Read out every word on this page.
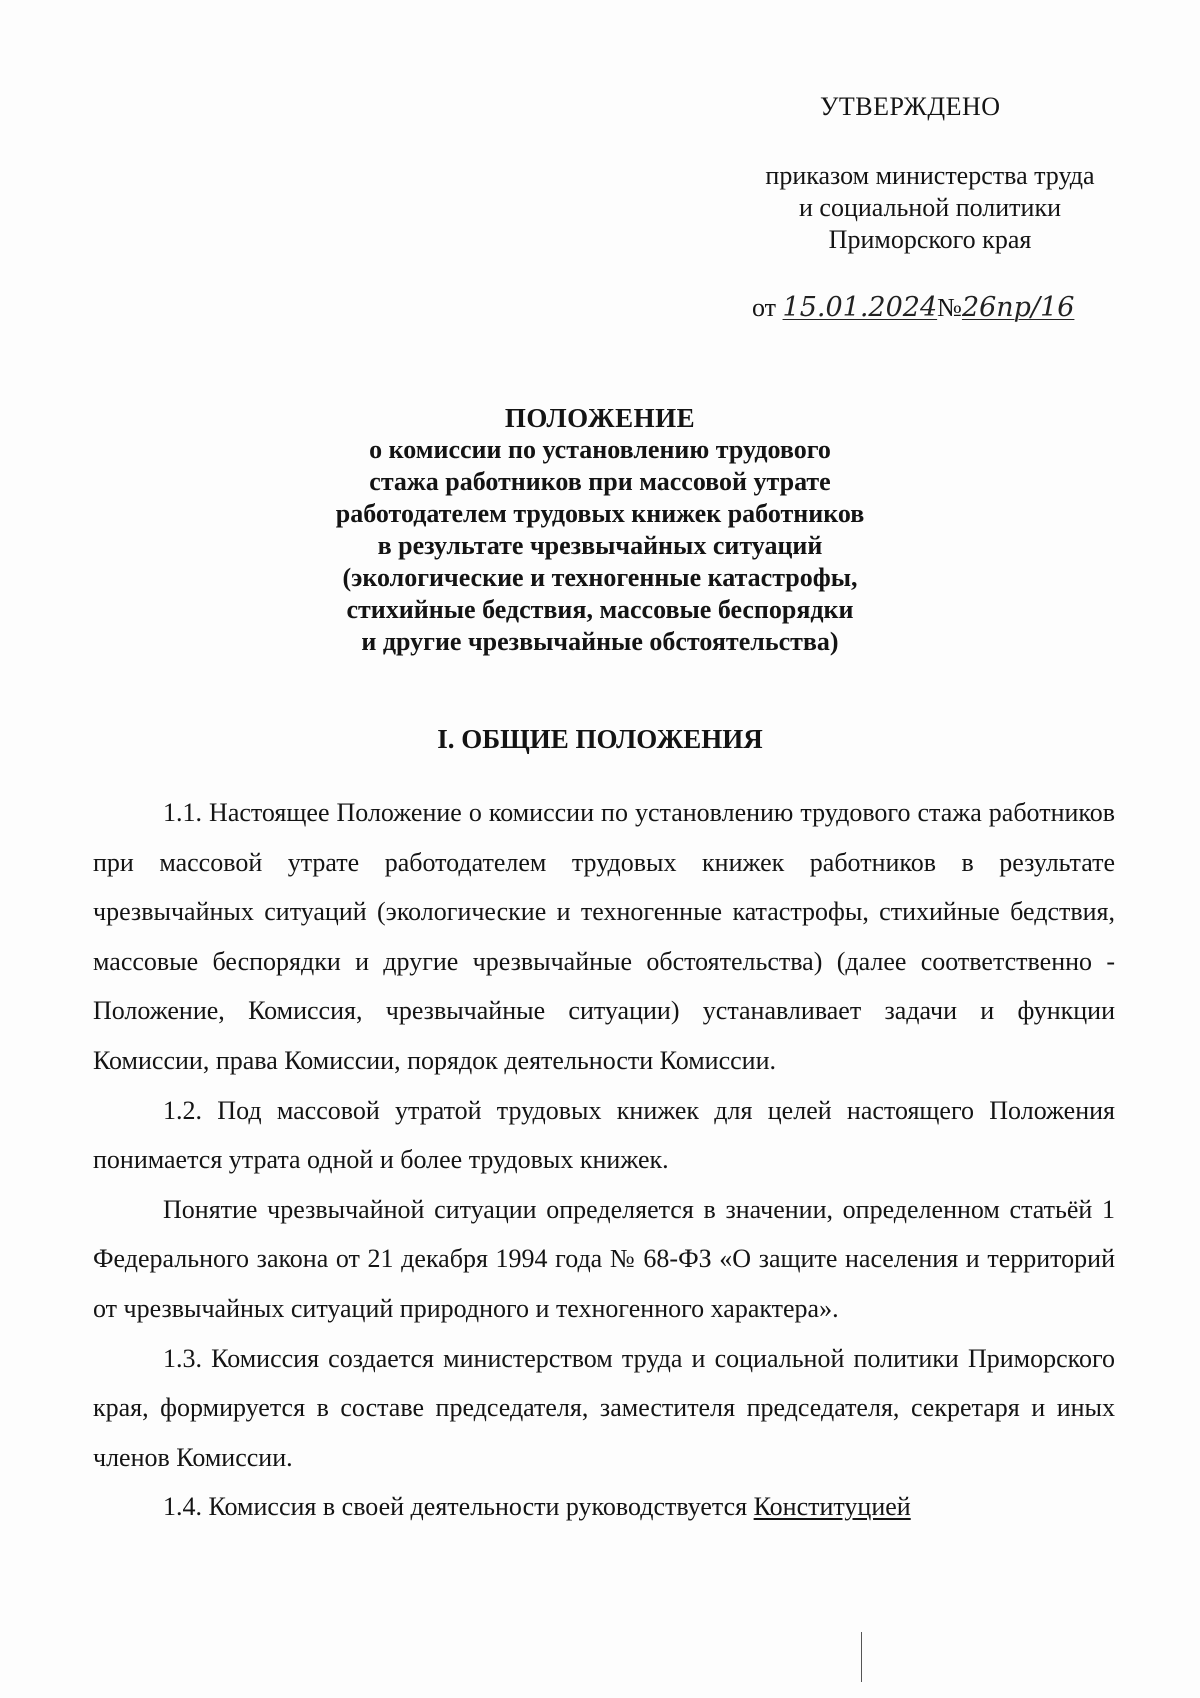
УТВЕРЖДЕНО
приказом министерства труда
и социальной политики
Приморского края
от 15.01.2024№26пр/16
ПОЛОЖЕНИЕ
о комиссии по установлению трудового
стажа работников при массовой утрате
работодателем трудовых книжек работников
в результате чрезвычайных ситуаций
(экологические и техногенные катастрофы,
стихийные бедствия, массовые беспорядки
и другие чрезвычайные обстоятельства)
I. ОБЩИЕ ПОЛОЖЕНИЯ

1.1. Настоящее Положение о комиссии по установлению трудового стажа работников при массовой утрате работодателем трудовых книжек работников в результате чрезвычайных ситуаций (экологические и техногенные катастрофы, стихийные бедствия, массовые беспорядки и другие чрезвычайные обстоятельства) (далее соответственно - Положение, Комиссия, чрезвычайные ситуации) устанавливает задачи и функции Комиссии, права Комиссии, порядок деятельности Комиссии.

1.2. Под массовой утратой трудовых книжек для целей настоящего Положения понимается утрата одной и более трудовых книжек.

Понятие чрезвычайной ситуации определяется в значении, определенном статьёй 1 Федерального закона от 21 декабря 1994 года № 68-ФЗ «О защите населения и территорий от чрезвычайных ситуаций природного и техногенного характера».

1.3. Комиссия создается министерством труда и социальной политики Приморского края, формируется в составе председателя, заместителя председателя, секретаря и иных членов Комиссии.

1.4. Комиссия в своей деятельности руководствуется Конституцией
